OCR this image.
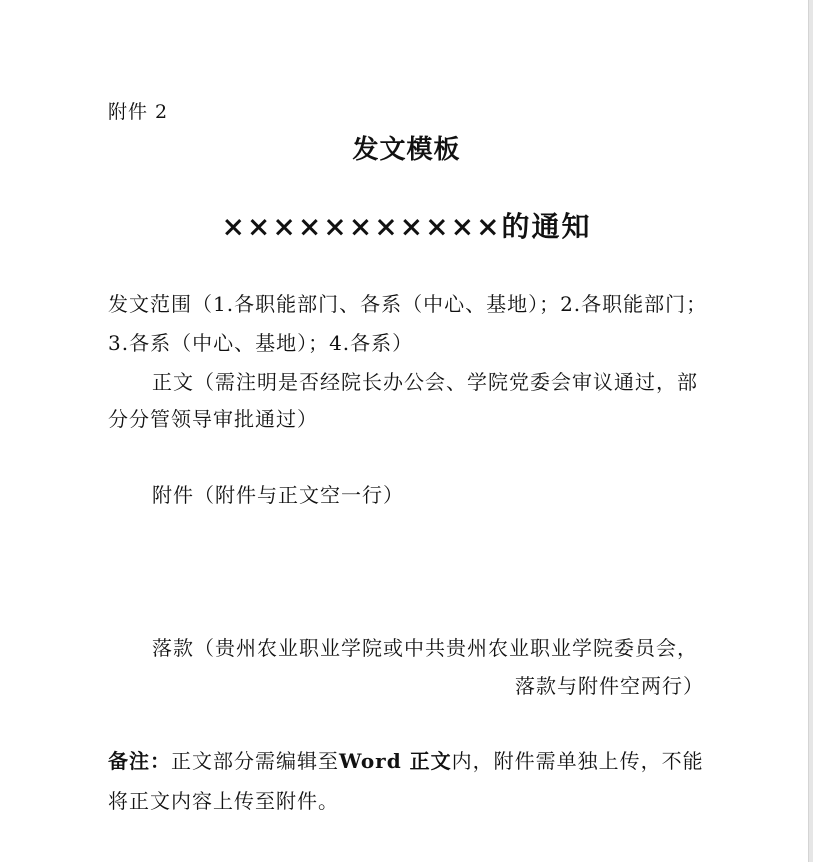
附件 2
发文模板
×××××××××××的通知
发文范围（1.各职能部门、各系（中心、基地）；2.各职能部门；
3.各系（中心、基地）；4.各系）
正文（需注明是否经院长办公会、学院党委会审议通过，部
分分管领导审批通过）
附件（附件与正文空一行）
落款（贵州农业职业学院或中共贵州农业职业学院委员会，
落款与附件空两行）
备注：正文部分需编辑至Word 正文内，附件需单独上传，不能
将正文内容上传至附件。
